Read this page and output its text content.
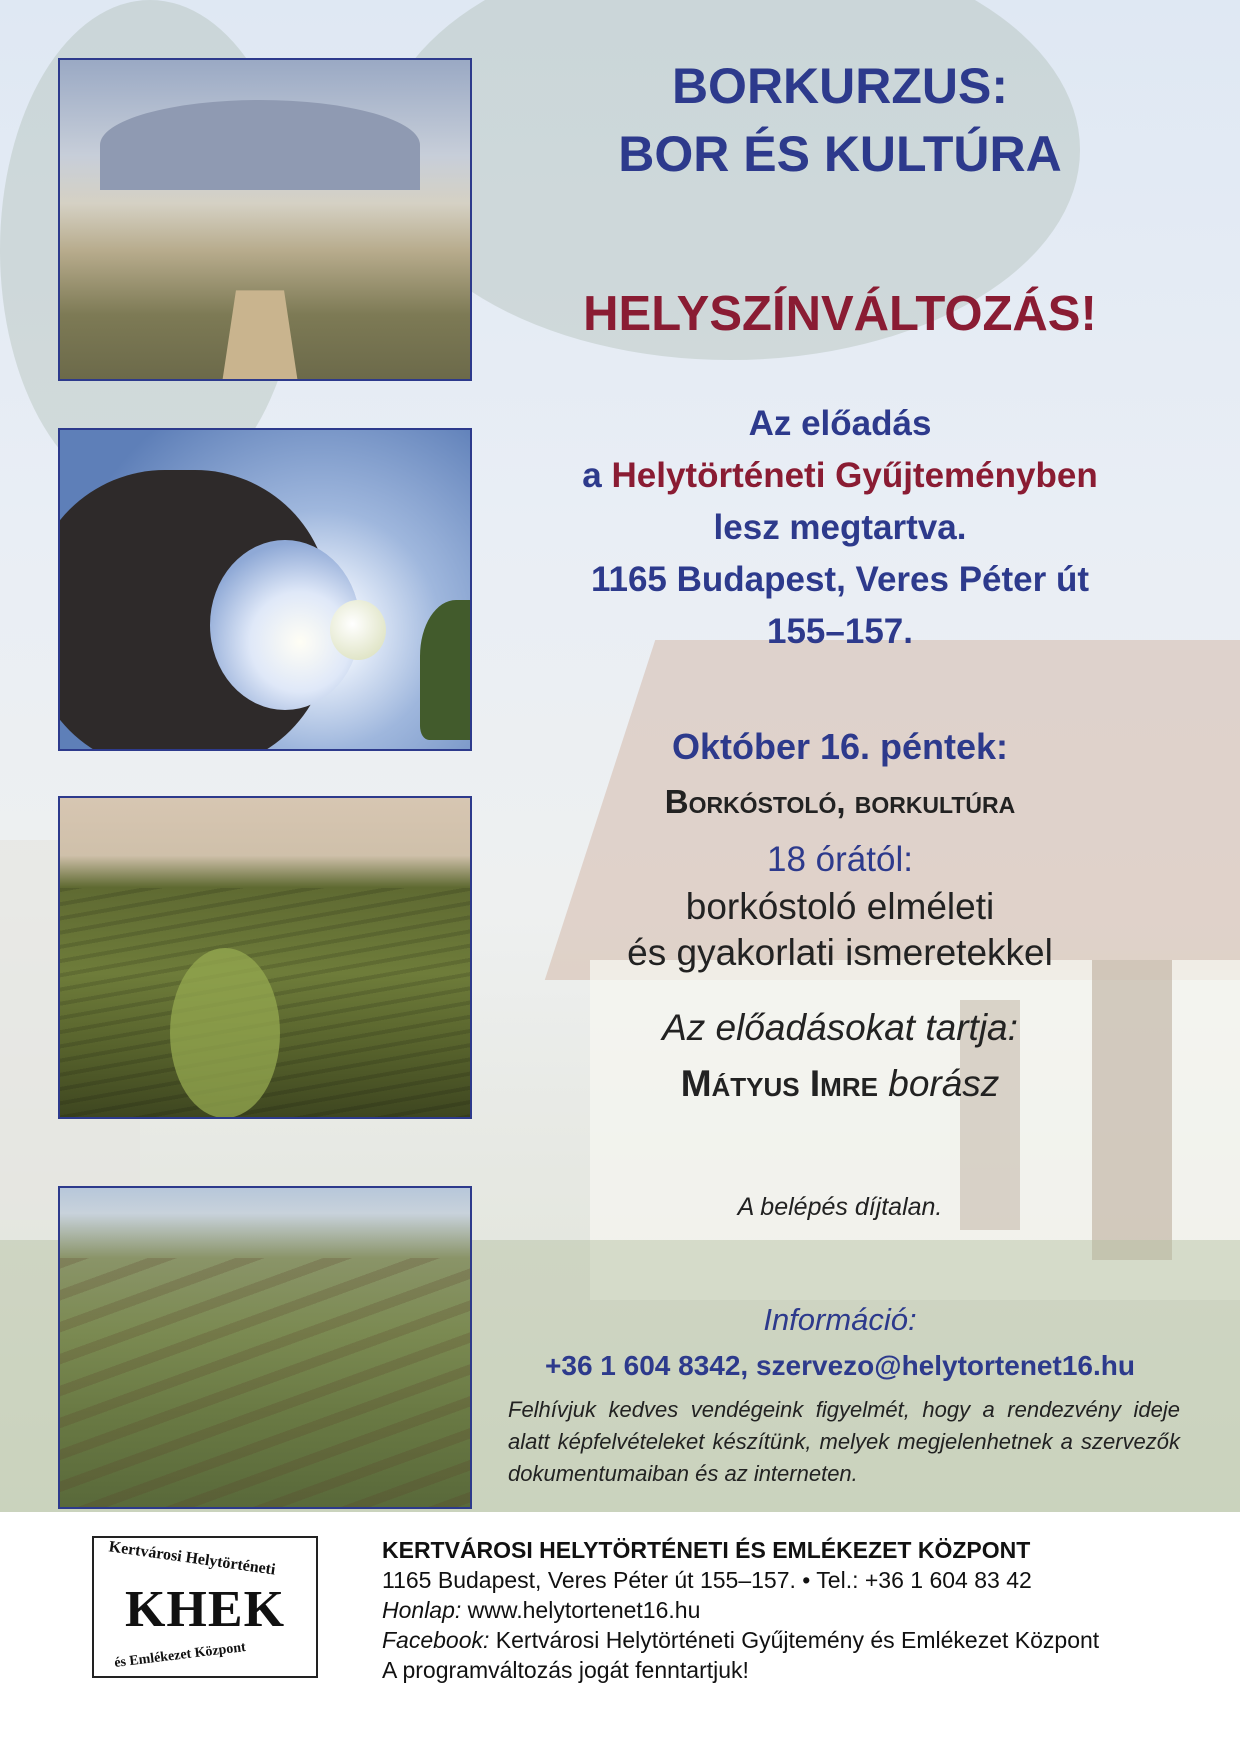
BORKURZUS:
BOR ÉS KULTÚRA
HELYSZÍNVÁLTOZÁS!
Az előadás
a Helytörténeti Gyűjteményben
lesz megtartva.
1165 Budapest, Veres Péter út
155–157.
Október 16. péntek:
Borkóstoló, borkultúra
18 órától:
borkóstoló elméleti
és gyakorlati ismeretekkel
Az előadásokat tartja:
Mátyus Imre borász
A belépés díjtalan.
Információ:
+36 1 604 8342, szervezo@helytortenet16.hu
Felhívjuk kedves vendégeink figyelmét, hogy a rendezvény ideje alatt képfelvételeket készítünk, melyek megjelenhetnek a szervezők dokumentumaiban és az interneten.
Kertvárosi Helytörténeti
KHEK
és Emlékezet Központ
KERTVÁROSI HELYTÖRTÉNETI ÉS EMLÉKEZET KÖZPONT
1165 Budapest, Veres Péter út 155–157. • Tel.: +36 1 604 83 42
Honlap: www.helytortenet16.hu
Facebook: Kertvárosi Helytörténeti Gyűjtemény és Emlékezet Központ
A programváltozás jogát fenntartjuk!
